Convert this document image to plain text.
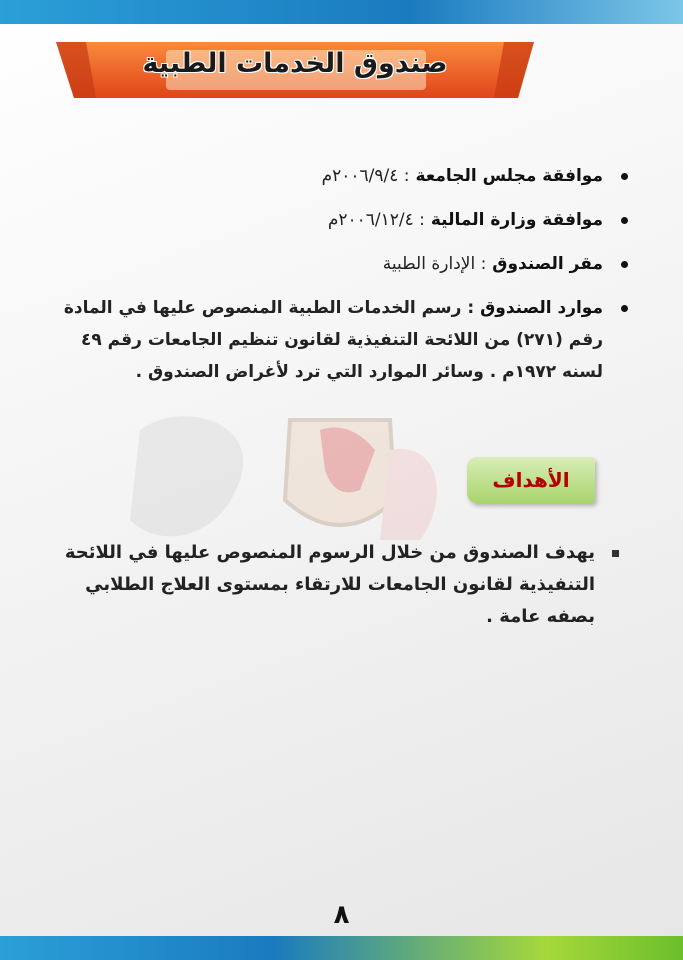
صندوق الخدمات الطبية
موافقة مجلس الجامعة : ٢٠٠٦/٩/٤م
موافقة وزارة المالية : ٢٠٠٦/١٢/٤م
مقر الصندوق : الإدارة الطبية
موارد الصندوق : رسم الخدمات الطبية المنصوص عليها في المادة رقم (٢٧١) من اللائحة التنفيذية لقانون تنظيم الجامعات رقم ٤٩ لسنه ١٩٧٢م . وسائر الموارد التي ترد لأغراض الصندوق .
الأهداف
يهدف الصندوق من خلال الرسوم المنصوص عليها في اللائحة التنفيذية لقانون الجامعات للارتقاء بمستوى العلاج الطلابي بصفه عامة .
٨
